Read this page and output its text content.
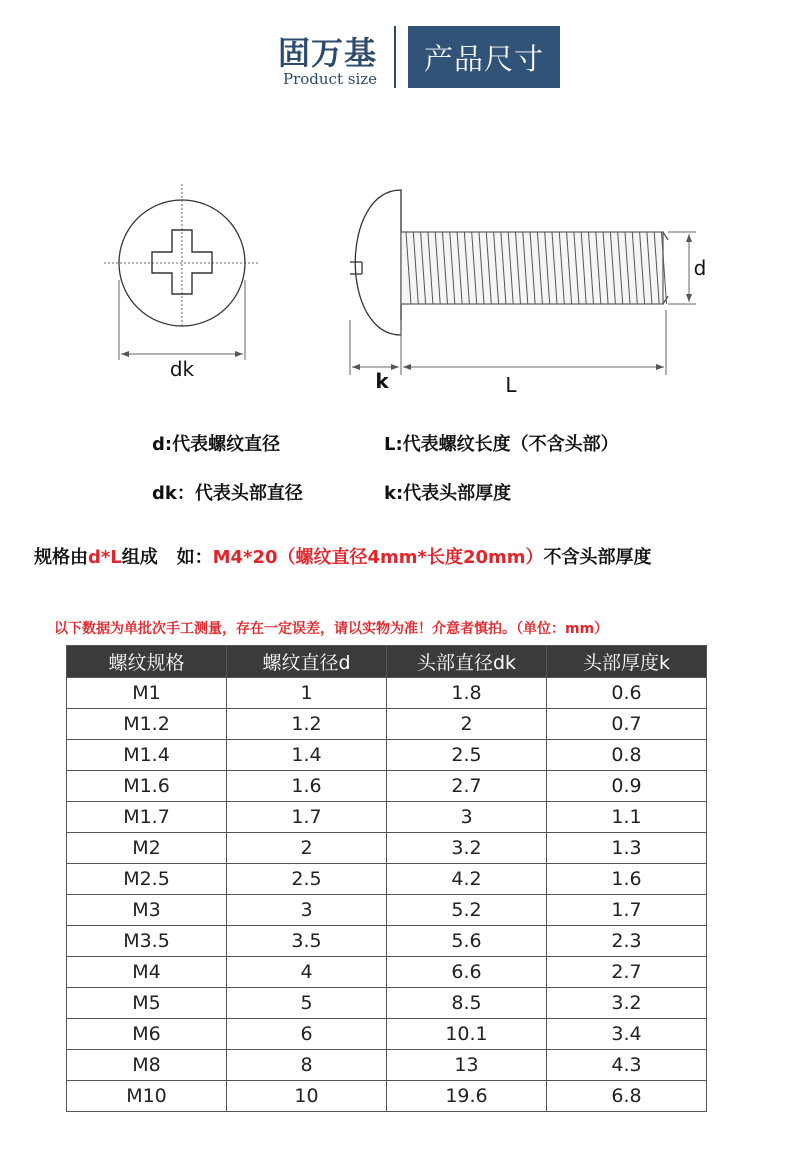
固万基
Product size
产品尺寸
dk	k	L
d
d:代表螺纹直径	L:代表螺纹长度（不含头部）
dk：代表头部直径	k:代表头部厚度
规格由d*L组成   如：M4*20（螺纹直径4mm*长度20mm）不含头部厚度
以下数据为单批次手工测量，存在一定误差，请以实物为准！介意者慎拍。（单位：mm）
螺纹规格	螺纹直径d	头部直径dk	头部厚度k
M1	1	1.8	0.6
M1.2	1.2	2	0.7
M1.4	1.4	2.5	0.8
M1.6	1.6	2.7	0.9
M1.7	1.7	3	1.1
M2	2	3.2	1.3
M2.5	2.5	4.2	1.6
M3	3	5.2	1.7
M3.5	3.5	5.6	2.3
M4	4	6.6	2.7
M5	5	8.5	3.2
M6	6	10.1	3.4
M8	8	13	4.3
M10	10	19.6	6.8
